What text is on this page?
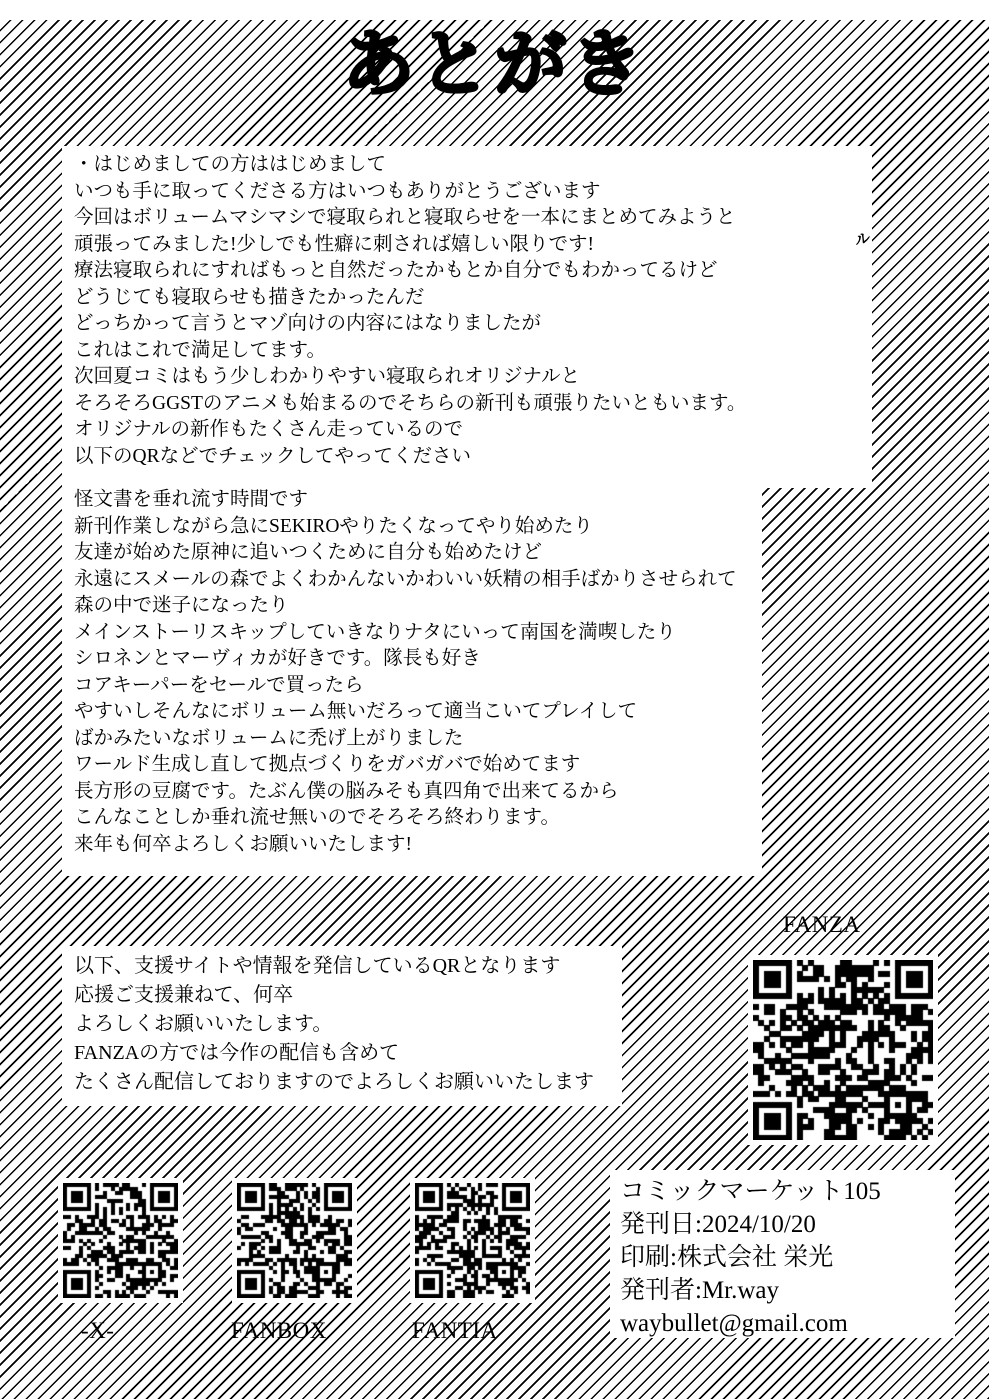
あとがき
ル
・はじめましての方ははじめまして
いつも手に取ってくださる方はいつもありがとうございます
今回はボリュームマシマシで寝取られと寝取らせを一本にまとめてみようと
頑張ってみました!少しでも性癖に刺されば嬉しい限りです!
療法寝取られにすればもっと自然だったかもとか自分でもわかってるけど
どうじても寝取らせも描きたかったんだ
どっちかって言うとマゾ向けの内容にはなりましたが
これはこれで満足してます。
次回夏コミはもう少しわかりやすい寝取られオリジナルと
そろそろGGSTのアニメも始まるのでそちらの新刊も頑張りたいともいます。
オリジナルの新作もたくさん走っているので
以下のQRなどでチェックしてやってください
怪文書を垂れ流す時間です
新刊作業しながら急にSEKIROやりたくなってやり始めたり
友達が始めた原神に追いつくために自分も始めたけど
永遠にスメールの森でよくわかんないかわいい妖精の相手ばかりさせられて
森の中で迷子になったり
メインストーリスキップしていきなりナタにいって南国を満喫したり
シロネンとマーヴィカが好きです。隊長も好き
コアキーパーをセールで買ったら
やすいしそんなにボリューム無いだろって適当こいてプレイして
ばかみたいなボリュームに禿げ上がりました
ワールド生成し直して拠点づくりをガバガバで始めてます
長方形の豆腐です。たぶん僕の脳みそも真四角で出来てるから
こんなことしか垂れ流せ無いのでそろそろ終わります。
来年も何卒よろしくお願いいたします!
以下、支援サイトや情報を発信しているQRとなります
応援ご支援兼ねて、何卒
よろしくお願いいたします。
FANZAの方では今作の配信も含めて
たくさん配信しておりますのでよろしくお願いいたします
コミックマーケット105
発刊日:2024/10/20
印刷:株式会社 栄光
発刊者:Mr.way
waybullet@gmail.com
FANZA
-X-	FANBOX	FANTIA
